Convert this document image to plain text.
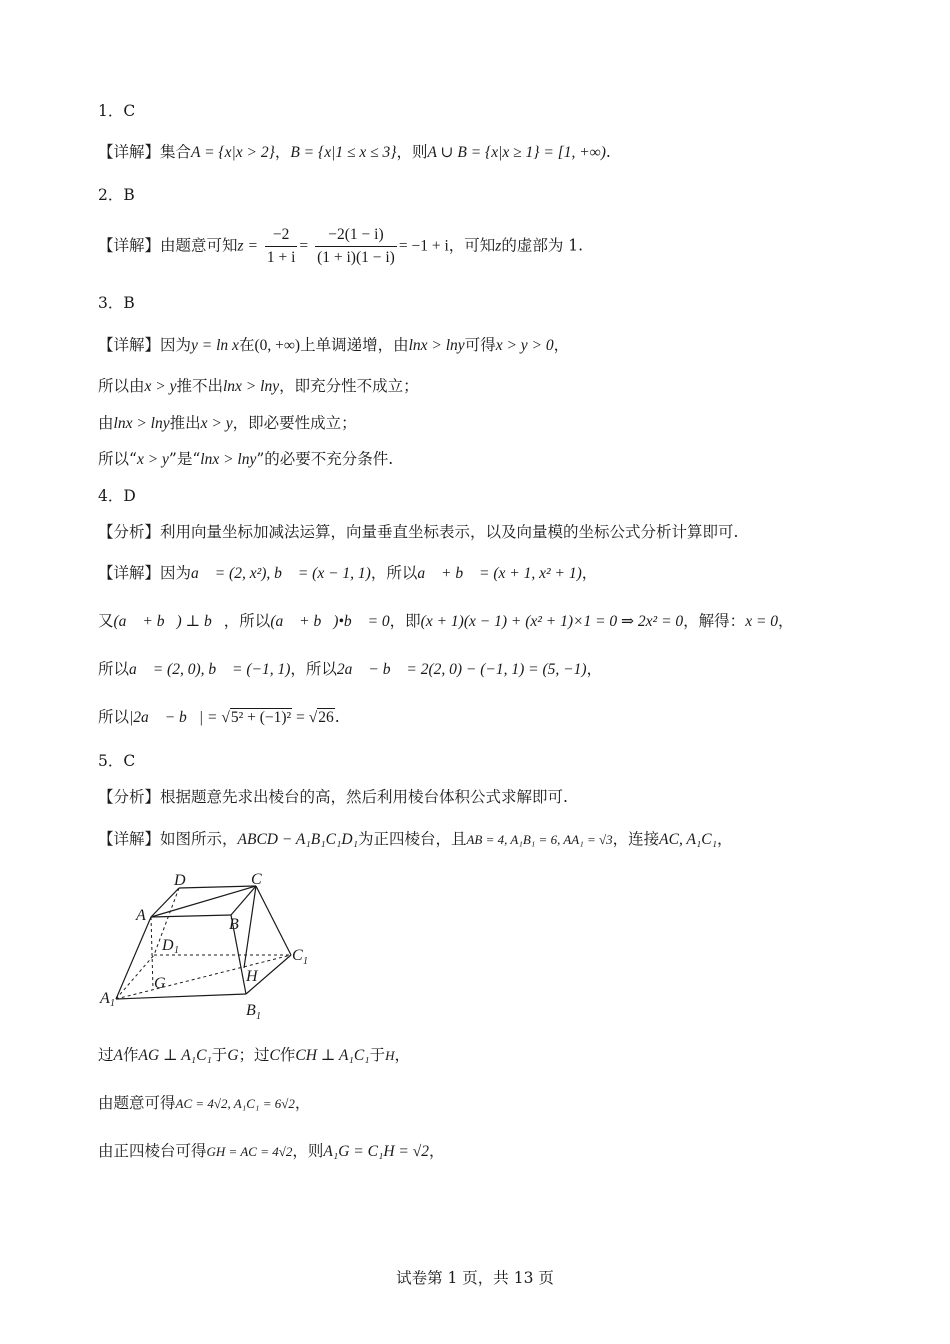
1．C
【详解】集合A = {x|x > 2}，B = {x|1 ≤ x ≤ 3}，则A ∪ B = {x|x ≥ 1} = [1, +∞).
2．B
【详解】由题意可知$z = \frac{-2}{1 + i} = \frac{-2(1 - i)}{(1 + i)(1 - i)} = -1 + i$，可知z的虚部为 1.
3．B
【详解】因为y = ln x在(0, +∞)上单调递增，由lnx > lny可得x > y > 0，
所以由x > y推不出lnx > lny，即充分性不成立；
由lnx > lny推出x > y，即必要性成立；
所以“x > y”是“lnx > lny”的必要不充分条件.
4．D
【分析】利用向量坐标加减法运算，向量垂直坐标表示，以及向量模的坐标公式分析计算即可.
【详解】因为a⃗ = (2, x²), b⃗ = (x − 1, 1)，所以a⃗ + b⃗ = (x + 1, x² + 1)，
又(a⃗ + b⃗) ⊥ b⃗，所以(a⃗ + b⃗)•b⃗ = 0，即(x + 1)(x − 1) + (x² + 1)×1 = 0 ⇒ 2x² = 0，解得：x = 0，
所以a⃗ = (2, 0), b⃗ = (−1, 1)，所以2a⃗ − b⃗ = 2(2, 0) − (−1, 1) = (5, −1)，
所以|2a⃗ − b⃗| = √5² + (−1)² = √26.
5．C
【分析】根据题意先求出棱台的高，然后利用棱台体积公式求解即可.
【详解】如图所示，ABCD − A₁B₁C₁D₁为正四棱台，且AB = 4, A₁B₁ = 6, AA₁ = √3，连接AC, A₁C₁，
D	C
A
B
D 1	C 1
G	H
A 1	B 1
过A作AG ⊥ A₁C₁于G；过C作CH ⊥ A₁C₁于H，
由题意可得AC = 4√2, A₁C₁ = 6√2，
由正四棱台可得GH = AC = 4√2，则A₁G = C₁H = √2，
试卷第 1 页，共 13 页
